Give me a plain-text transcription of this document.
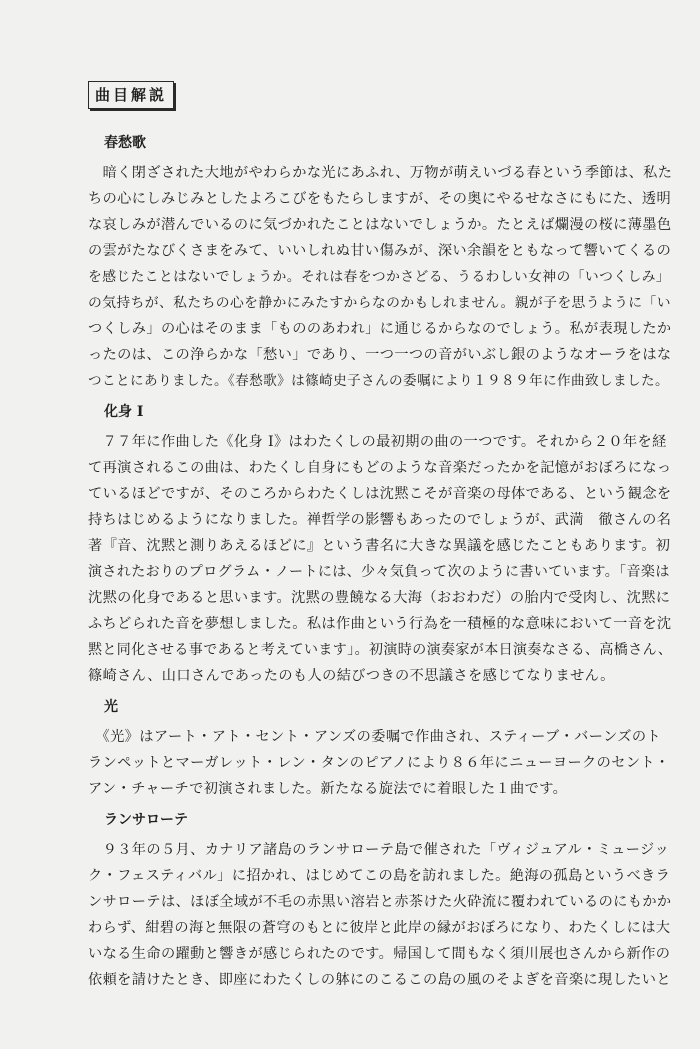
曲目解説
春愁歌
　暗く閉ざされた大地がやわらかな光にあふれ、万物が萌えいづる春という季節は、私た
ちの心にしみじみとしたよろこびをもたらしますが、その奥にやるせなさにもにた、透明
な哀しみが潜んでいるのに気づかれたことはないでしょうか。たとえば爛漫の桜に薄墨色
の雲がたなびくさまをみて、いいしれぬ甘い傷みが、深い余韻をともなって響いてくるの
を感じたことはないでしょうか。それは春をつかさどる、うるわしい女神の「いつくしみ」
の気持ちが、私たちの心を静かにみたすからなのかもしれません。親が子を思うように「い
つくしみ」の心はそのまま「もののあわれ」に通じるからなのでしょう。私が表現したか
ったのは、この浄らかな「愁い」であり、一つ一つの音がいぶし銀のようなオーラをはな
つことにありました。《春愁歌》は篠崎史子さんの委嘱により１９８９年に作曲致しました。
化身 I
　７７年に作曲した《化身 I》はわたくしの最初期の曲の一つです。それから２０年を経
て再演されるこの曲は、わたくし自身にもどのような音楽だったかを記憶がおぼろになっ
ているほどですが、そのころからわたくしは沈黙こそが音楽の母体である、という観念を
持ちはじめるようになりました。禅哲学の影響もあったのでしょうが、武満　徹さんの名
著『音、沈黙と測りあえるほどに』という書名に大きな異議を感じたこともあります。初
演されたおりのプログラム・ノートには、少々気負って次のように書いています。「音楽は
沈黙の化身であると思います。沈黙の豊饒なる大海（おおわだ）の胎内で受肉し、沈黙に
ふちどられた音を夢想しました。私は作曲という行為を一積極的な意味において一音を沈
黙と同化させる事であると考えています」。初演時の演奏家が本日演奏なさる、高橋さん、
篠崎さん、山口さんであったのも人の結びつきの不思議さを感じてなりません。
光
　《光》はアート・アト・セント・アンズの委嘱で作曲され、スティーブ・バーンズのト
ランペットとマーガレット・レン・タンのピアノにより８６年にニューヨークのセント・
アン・チャーチで初演されました。新たなる旋法でに着眼した１曲です。
ランサローテ
　９３年の５月、カナリア諸島のランサローテ島で催された「ヴィジュアル・ミュージッ
ク・フェスティバル」に招かれ、はじめてこの島を訪れました。絶海の孤島というべきラ
ンサローテは、ほぼ全域が不毛の赤黒い溶岩と赤茶けた火砕流に覆われているのにもかか
わらず、紺碧の海と無限の蒼穹のもとに彼岸と此岸の縁がおぼろになり、わたくしには大
いなる生命の躍動と響きが感じられたのです。帰国して間もなく須川展也さんから新作の
依頼を請けたとき、即座にわたくしの躰にのこるこの島の風のそよぎを音楽に現したいと
